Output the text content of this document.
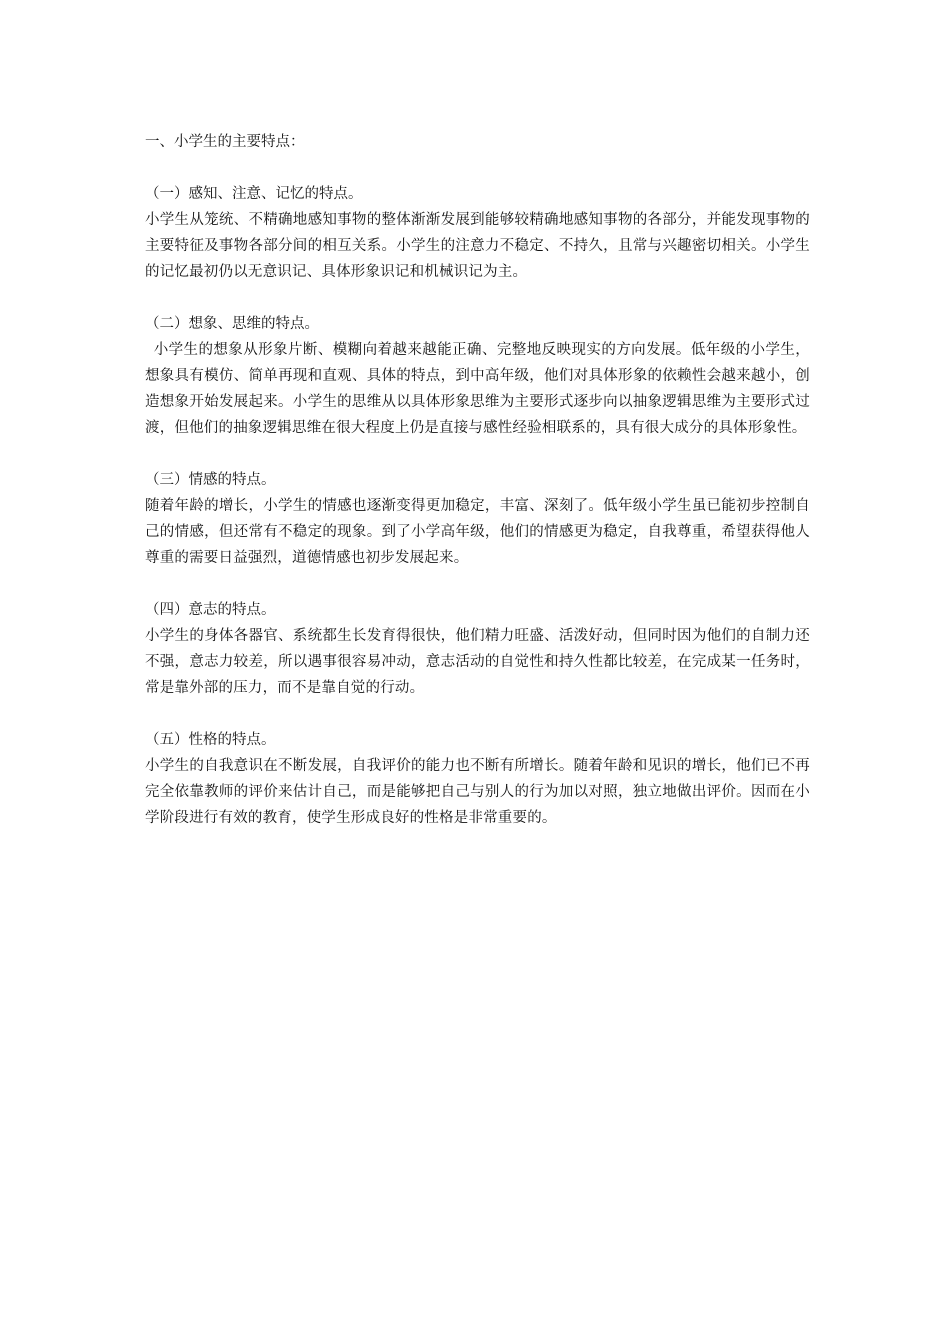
一、小学生的主要特点：
（一）感知、注意、记忆的特点。

小学生从笼统、不精确地感知事物的整体渐渐发展到能够较精确地感知事物的各部分，并能发现事物的主要特征及事物各部分间的相互关系。小学生的注意力不稳定、不持久，且常与兴趣密切相关。小学生的记忆最初仍以无意识记、具体形象识记和机械识记为主。

（二）想象、思维的特点。

小学生的想象从形象片断、模糊向着越来越能正确、完整地反映现实的方向发展。低年级的小学生，想象具有模仿、简单再现和直观、具体的特点，到中高年级，他们对具体形象的依赖性会越来越小，创造想象开始发展起来。小学生的思维从以具体形象思维为主要形式逐步向以抽象逻辑思维为主要形式过渡，但他们的抽象逻辑思维在很大程度上仍是直接与感性经验相联系的，具有很大成分的具体形象性。

（三）情感的特点。

随着年龄的增长，小学生的情感也逐渐变得更加稳定，丰富、深刻了。低年级小学生虽已能初步控制自己的情感，但还常有不稳定的现象。到了小学高年级，他们的情感更为稳定，自我尊重，希望获得他人尊重的需要日益强烈，道德情感也初步发展起来。

（四）意志的特点。

小学生的身体各器官、系统都生长发育得很快，他们精力旺盛、活泼好动，但同时因为他们的自制力还不强，意志力较差，所以遇事很容易冲动，意志活动的自觉性和持久性都比较差，在完成某一任务时，常是靠外部的压力，而不是靠自觉的行动。

（五）性格的特点。

小学生的自我意识在不断发展，自我评价的能力也不断有所增长。随着年龄和见识的增长，他们已不再完全依靠教师的评价来估计自己，而是能够把自己与别人的行为加以对照，独立地做出评价。因而在小学阶段进行有效的教育，使学生形成良好的性格是非常重要的。
